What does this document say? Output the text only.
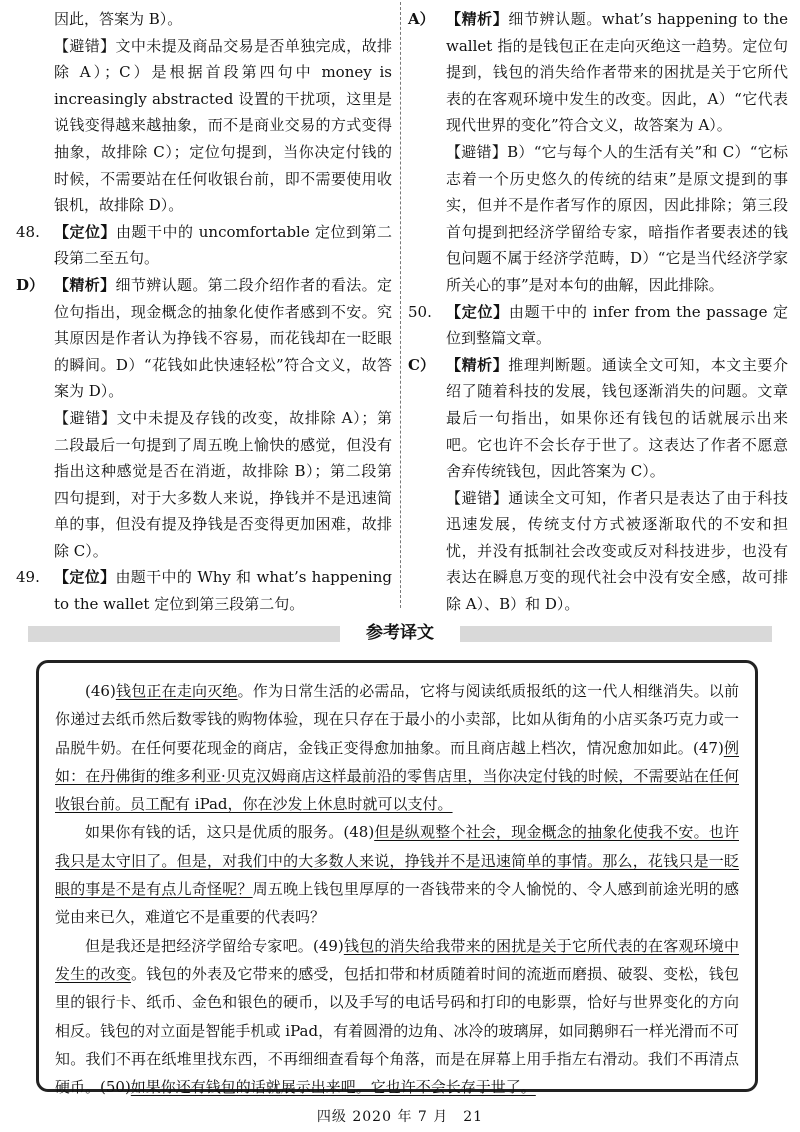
因此，答案为 B）。
【避错】文中未提及商品交易是否单独完成，故排除 A）；C）是根据首段第四句中 money is increasingly abstracted 设置的干扰项，这里是说钱变得越来越抽象，而不是商业交易的方式变得抽象，故排除 C）；定位句提到，当你决定付钱的时候，不需要站在任何收银台前，即不需要使用收银机，故排除 D）。
48. 【定位】由题干中的 uncomfortable 定位到第二段第二至五句。
D） 【精析】细节辨认题。第二段介绍作者的看法。定位句指出，现金概念的抽象化使作者感到不安。究其原因是作者认为挣钱不容易，而花钱却在一眨眼的瞬间。D）“花钱如此快速轻松”符合文义，故答案为 D）。
【避错】文中未提及存钱的改变，故排除 A）；第二段最后一句提到了周五晚上愉快的感觉，但没有指出这种感觉是否在消逝，故排除 B）；第二段第四句提到，对于大多数人来说，挣钱并不是迅速简单的事，但没有提及挣钱是否变得更加困难，故排除 C）。
49. 【定位】由题干中的 Why 和 what’s happening to the wallet 定位到第三段第二句。
A） 【精析】细节辨认题。what’s happening to the wallet 指的是钱包正在走向灭绝这一趋势。定位句提到，钱包的消失给作者带来的困扰是关于它所代表的在客观环境中发生的改变。因此，A）“它代表现代世界的变化”符合文义，故答案为 A）。
【避错】B）“它与每个人的生活有关”和 C）“它标志着一个历史悠久的传统的结束”是原文提到的事实，但并不是作者写作的原因，因此排除；第三段首句提到把经济学留给专家，暗指作者要表述的钱包问题不属于经济学范畴，D）“它是当代经济学家所关心的事”是对本句的曲解，因此排除。
50. 【定位】由题干中的 infer from the passage 定位到整篇文章。
C） 【精析】推理判断题。通读全文可知，本文主要介绍了随着科技的发展，钱包逐渐消失的问题。文章最后一句指出，如果你还有钱包的话就展示出来吧。它也许不会长存于世了。这表达了作者不愿意舍弃传统钱包，因此答案为 C）。
【避错】通读全文可知，作者只是表达了由于科技迅速发展，传统支付方式被逐渐取代的不安和担忧，并没有抵制社会改变或反对科技进步，也没有表达在瞬息万变的现代社会中没有安全感，故可排除 A）、B）和 D）。
参考译文

(46)钱包正在走向灭绝。作为日常生活的必需品，它将与阅读纸质报纸的这一代人相继消失。以前你递过去纸币然后数零钱的购物体验，现在只存在于最小的小卖部，比如从街角的小店买条巧克力或一品脱牛奶。在任何要花现金的商店，金钱正变得愈加抽象。而且商店越上档次，情况愈加如此。(47)例如：在丹佛街的维多利亚·贝克汉姆商店这样最前沿的零售店里，当你决定付钱的时候，不需要站在任何收银台前。员工配有 iPad，你在沙发上休息时就可以支付。

如果你有钱的话，这只是优质的服务。(48)但是纵观整个社会，现金概念的抽象化使我不安。也许我只是太守旧了。但是，对我们中的大多数人来说，挣钱并不是迅速简单的事情。那么，花钱只是一眨眼的事是不是有点儿奇怪呢？周五晚上钱包里厚厚的一沓钱带来的令人愉悦的、令人感到前途光明的感觉由来已久，难道它不是重要的代表吗？

但是我还是把经济学留给专家吧。(49)钱包的消失给我带来的困扰是关于它所代表的在客观环境中发生的改变。钱包的外表及它带来的感受，包括扣带和材质随着时间的流逝而磨损、破裂、变松，钱包里的银行卡、纸币、金色和银色的硬币，以及手写的电话号码和打印的电影票，恰好与世界变化的方向相反。钱包的对立面是智能手机或 iPad，有着圆滑的边角、冰冷的玻璃屏，如同鹅卵石一样光滑而不可知。我们不再在纸堆里找东西，不再细细查看每个角落，而是在屏幕上用手指左右滑动。我们不再清点硬币。(50)如果你还有钱包的话就展示出来吧。它也许不会长存于世了。

四级 2020 年 7 月　21
